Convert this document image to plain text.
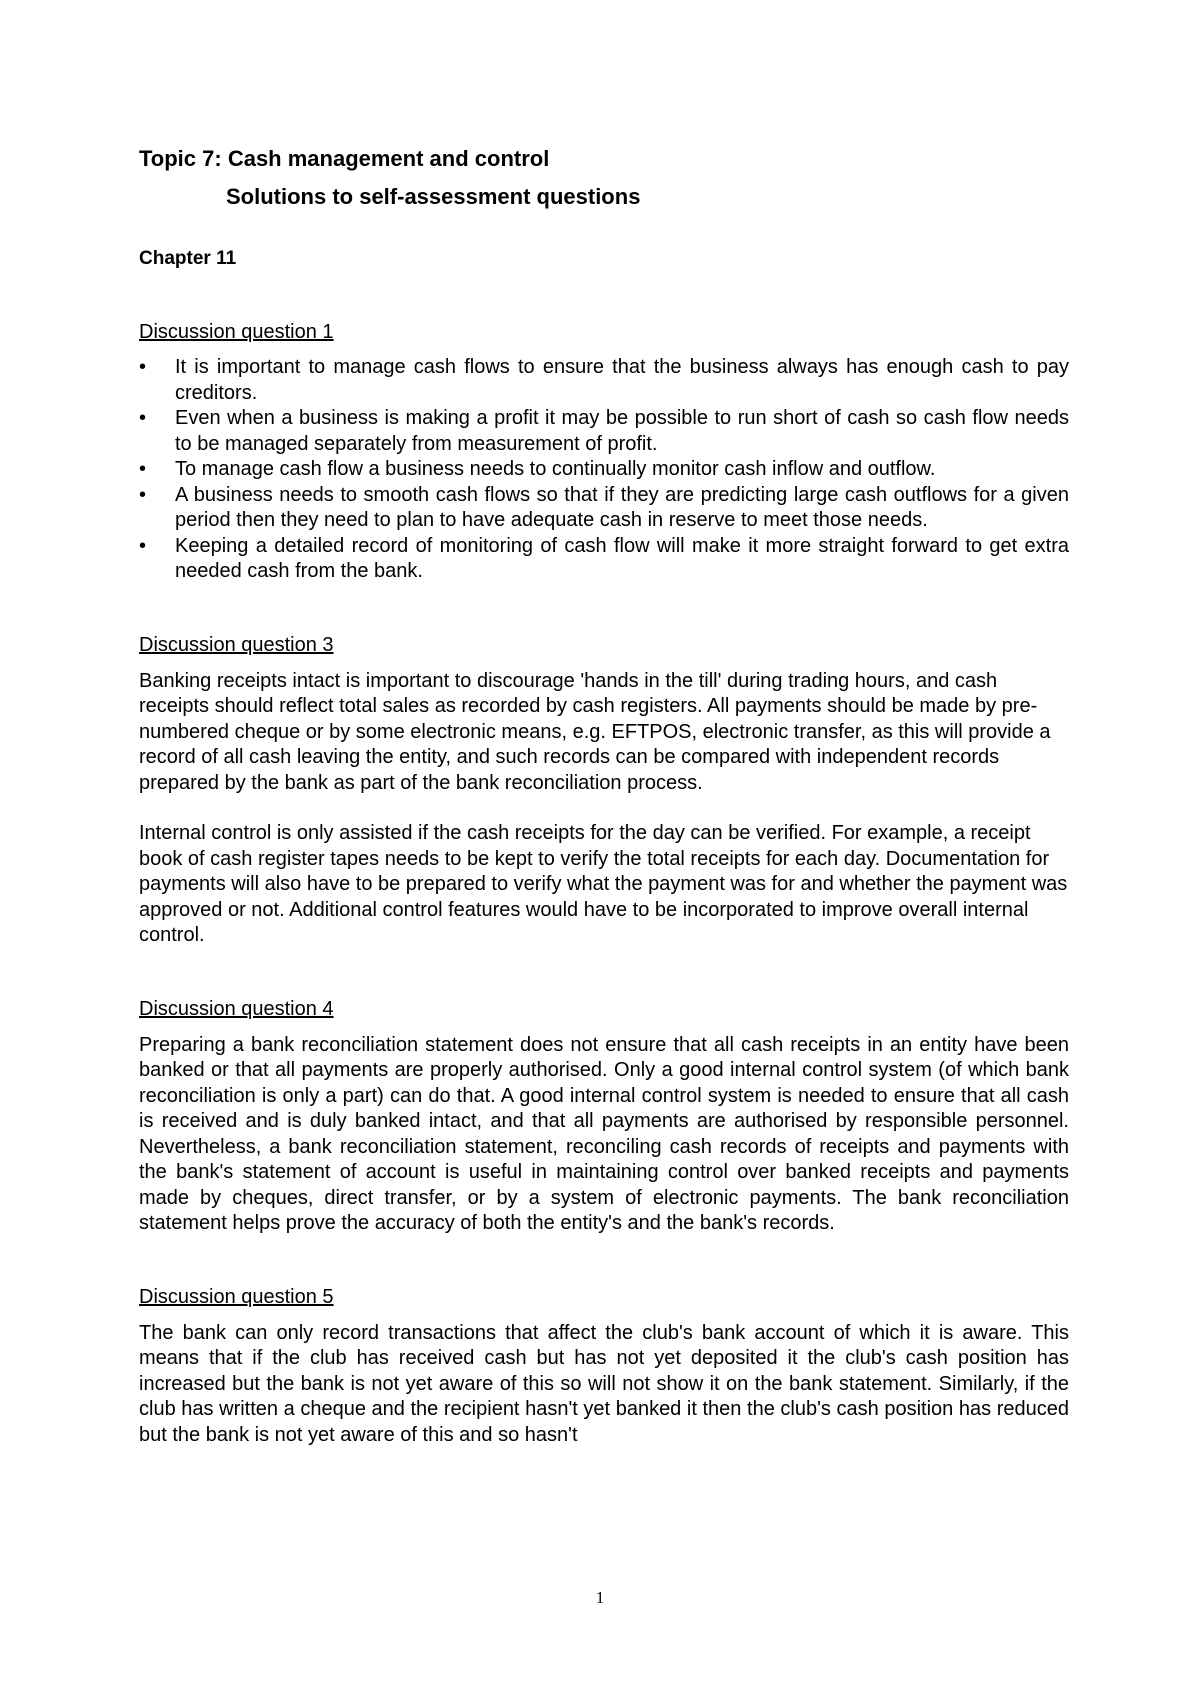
Topic 7: Cash management and control
Solutions to self-assessment questions
Chapter 11
Discussion question 1
•	It is important to manage cash flows to ensure that the business always has enough cash to pay creditors.
•	Even when a business is making a profit it may be possible to run short of cash so cash flow needs to be managed separately from measurement of profit.
•	To manage cash flow a business needs to continually monitor cash inflow and outflow.
•	A business needs to smooth cash flows so that if they are predicting large cash outflows for a given period then they need to plan to have adequate cash in reserve to meet those needs.
•	Keeping a detailed record of monitoring of cash flow will make it more straight forward to get extra needed cash from the bank.
Discussion question 3

Banking receipts intact is important to discourage 'hands in the till' during trading hours, and cash receipts should reflect total sales as recorded by cash registers. All payments should be made by pre-numbered cheque or by some electronic means, e.g. EFTPOS, electronic transfer, as this will provide a record of all cash leaving the entity, and such records can be compared with independent records prepared by the bank as part of the bank reconciliation process.

Internal control is only assisted if the cash receipts for the day can be verified. For example, a receipt book of cash register tapes needs to be kept to verify the total receipts for each day. Documentation for payments will also have to be prepared to verify what the payment was for and whether the payment was approved or not. Additional control features would have to be incorporated to improve overall internal control.

Discussion question 4

Preparing a bank reconciliation statement does not ensure that all cash receipts in an entity have been banked or that all payments are properly authorised. Only a good internal control system (of which bank reconciliation is only a part) can do that. A good internal control system is needed to ensure that all cash is received and is duly banked intact, and that all payments are authorised by responsible personnel. Nevertheless, a bank reconciliation statement, reconciling cash records of receipts and payments with the bank's statement of account is useful in maintaining control over banked receipts and payments made by cheques, direct transfer, or by a system of electronic payments. The bank reconciliation statement helps prove the accuracy of both the entity's and the bank's records.

Discussion question 5

The bank can only record transactions that affect the club's bank account of which it is aware. This means that if the club has received cash but has not yet deposited it the club's cash position has increased but the bank is not yet aware of this so will not show it on the bank statement. Similarly, if the club has written a cheque and the recipient hasn't yet banked it then the club's cash position has reduced but the bank is not yet aware of this and so hasn't

1
